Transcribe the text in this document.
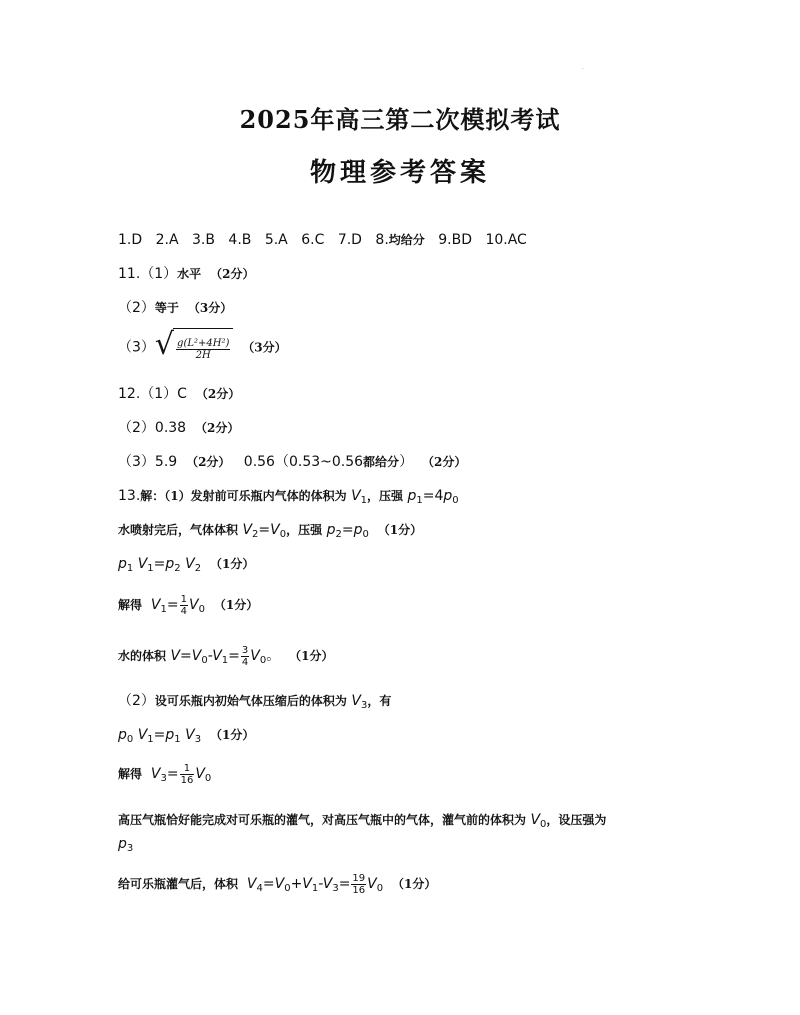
.
2025年高三第二次模拟考试
物理参考答案
1.D 2.A 3.B 4.B 5.A 6.C 7.D 8.均给分 9.BD 10.AC
11.（1）水平 （2分）
（2）等于 （3分）
（3） √ $\frac{\text{g(L²+4H²)}}{2H} (3$分）
12.（1）C （2分）
（2）0.38 （2分）
（3）5.9 （2分） 0.56（0.53~0.56都给分） （2分）
13.解：（1）发射前可乐瓶内气体的体积为 $V_1$，压强 $p_1=4p_0$
水喷射完后，气体体积 $V_2=V_0$，压强 $p_2=p_0$ （1分）
$p_1$ $V_1=p_2$ $V_2$ （1分）
解得 $V_1= \frac{1}{4} V_0$ （1分）
水的体积 $V=V_0-V_1= \frac{3}{4} V_0$。 （1分）
（2）设可乐瓶内初始气体压缩后的体积为 $V_3$，有
$p_0$ $V_1=p_1$ $V_3$ （1分）
解得 $V_3= \frac{1}{16} V_0$
高压气瓶恰好能完成对可乐瓶的灌气，对高压气瓶中的气体，灌气前的体积为 $V_0$，设压强为
$p_3$
给可乐瓶灌气后，体积 $V_4=V_0+V_1-V_3= \frac{19}{16} V_0$ （1分）
